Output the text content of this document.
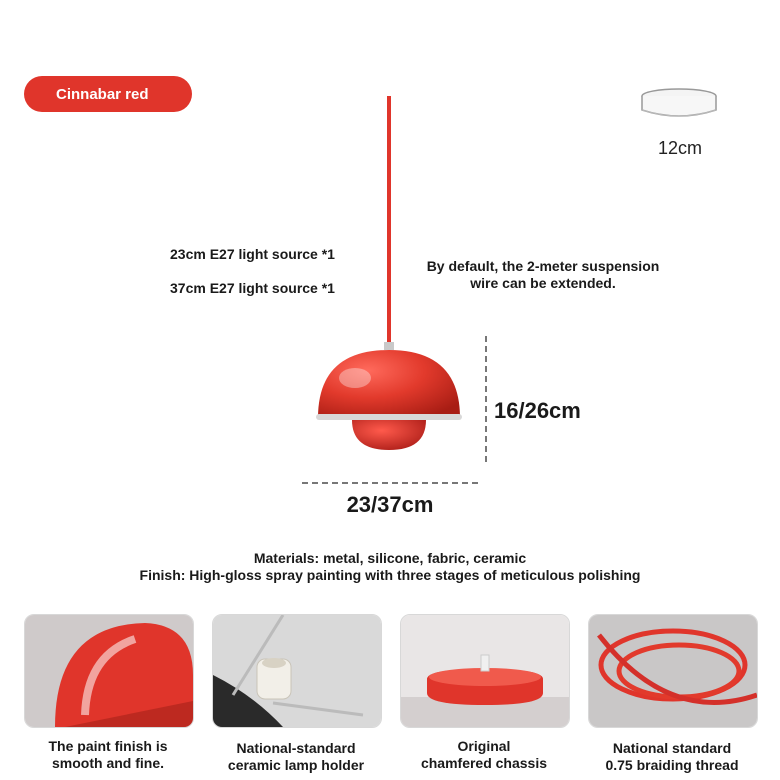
Cinnabar red
12cm
23cm E27 light source *1
37cm E27 light source *1
By default, the 2-meter suspension
wire can be extended.
16/26cm
23/37cm
Materials: metal, silicone, fabric, ceramic
Finish: High-gloss spray painting with three stages of meticulous polishing
The paint finish is
smooth and fine.
National-standard
ceramic lamp holder
Original
chamfered chassis
National standard
0.75 braiding thread
